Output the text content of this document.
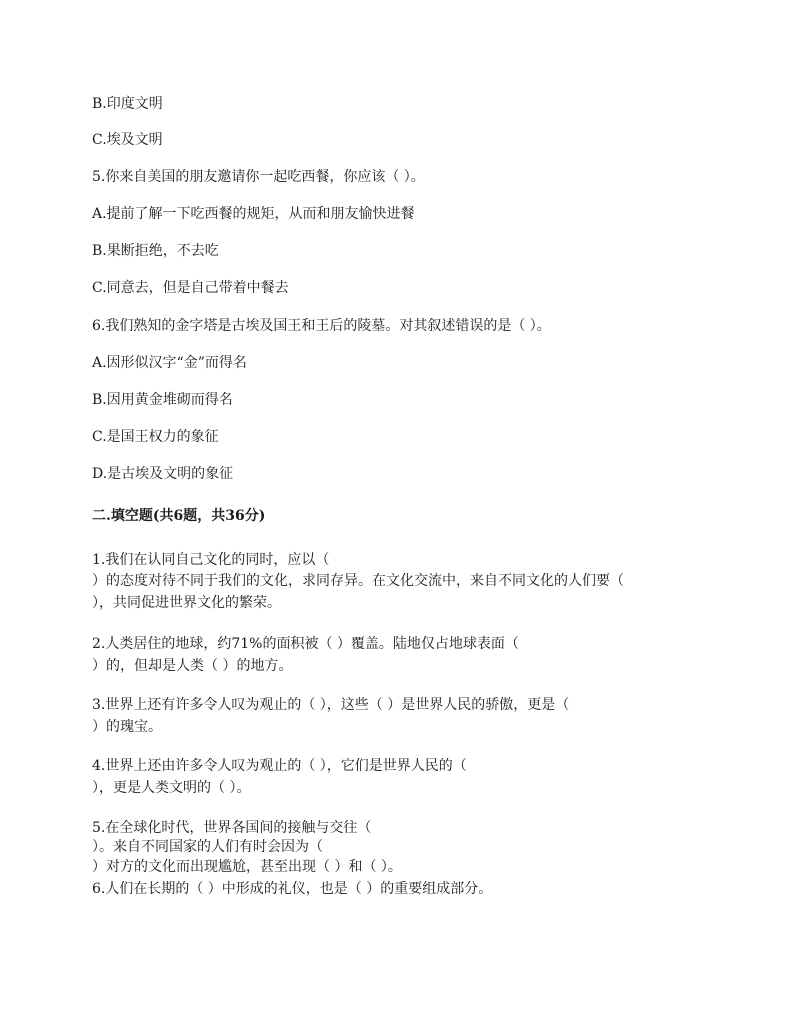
B.印度文明
C.埃及文明
5.你来自美国的朋友邀请你一起吃西餐，你应该（ ）。
A.提前了解一下吃西餐的规矩，从而和朋友愉快进餐
B.果断拒绝，不去吃
C.同意去，但是自己带着中餐去
6.我们熟知的金字塔是古埃及国王和王后的陵墓。对其叙述错误的是（ ）。
A.因形似汉字“金”而得名
B.因用黄金堆砌而得名
C.是国王权力的象征
D.是古埃及文明的象征
二.填空题(共6题，共36分)
1.我们在认同自己文化的同时，应以（
）的态度对待不同于我们的文化，求同存异。在文化交流中，来自不同文化的人们要（
），共同促进世界文化的繁荣。
2.人类居住的地球，约71%的面积被（ ）覆盖。陆地仅占地球表面（
）的，但却是人类（ ）的地方。
3.世界上还有许多令人叹为观止的（ ），这些（ ）是世界人民的骄傲，更是（
）的瑰宝。
4.世界上还由许多令人叹为观止的（ ），它们是世界人民的（
），更是人类文明的（ ）。
5.在全球化时代，世界各国间的接触与交往（
）。来自不同国家的人们有时会因为（
）对方的文化而出现尴尬，甚至出现（ ）和（ ）。
6.人们在长期的（ ）中形成的礼仪，也是（ ）的重要组成部分。
